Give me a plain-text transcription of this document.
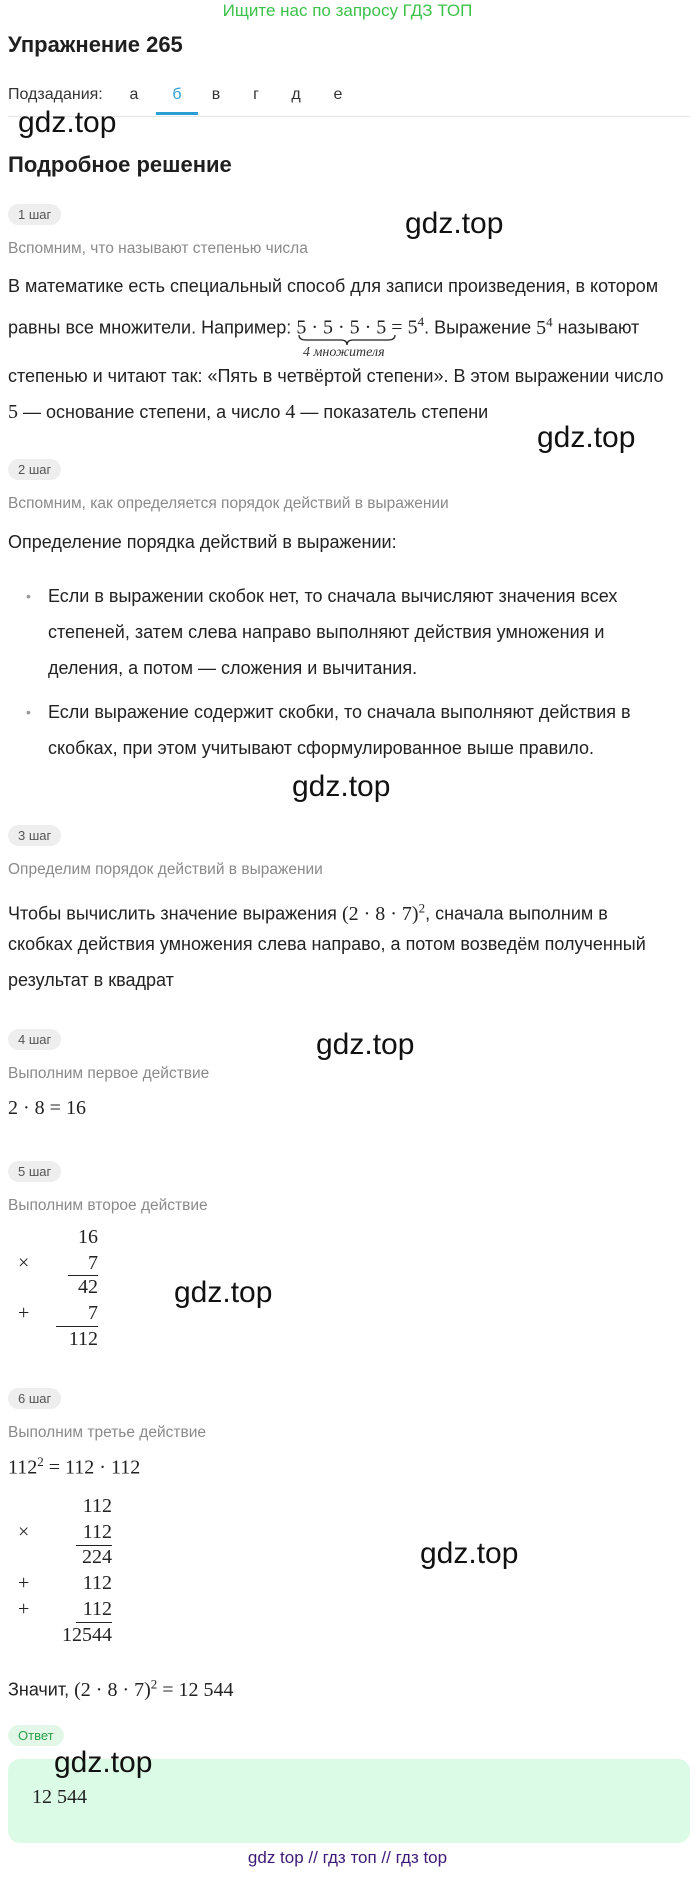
Ищите нас по запросу ГДЗ ТОП
Упражнение 265
Подзадания:	а	б	в	г	д	е
gdz.top
Подробное решение
1 шаг	gdz.top
Вспомним, что называют степенью числа
В математике есть специальный способ для записи произведения, в котором
равны все множители. Например: $5 \cdot 5 \cdot 5 \cdot 5 = 5^4$
. Выражение $5^4$ называют
4 множителя
степенью и читают так: «Пять в четвёртой степени». В этом выражении число
5 — основание степени, а число 4 — показатель степени
gdz.top
2 шаг
Вспомним, как определяется порядок действий в выражении
Определение порядка действий в выражении:
• Если в выражении скобок нет, то сначала вычисляют значения всех степеней, затем слева направо выполняют действия умножения и деления, а потом — сложения и вычитания.
• Если выражение содержит скобки, то сначала выполняют действия в скобках, при этом учитывают сформулированное выше правило.
gdz.top
3 шаг
Определим порядок действий в выражении
Чтобы вычислить значение выражения $(2 \cdot 8 \cdot 7)^2$, сначала выполним в
скобках действия умножения слева направо, а потом возведём полученный
результат в квадрат
4 шаг	gdz.top
Выполним первое действие
2 · 8 = 16
5 шаг
Выполним второе действие
16
×	7
42
+	7
112
gdz.top
6 шаг
Выполним третье действие
$112^2 = 112 \cdot 112$
112
×	112
224
+	112
+	112
12544
gdz.top
Значит, $(2 \cdot 8 \cdot 7)^2 = 12$ 544
Ответ
gdz.top
12 544
gdz top // гдз топ // гдз top
